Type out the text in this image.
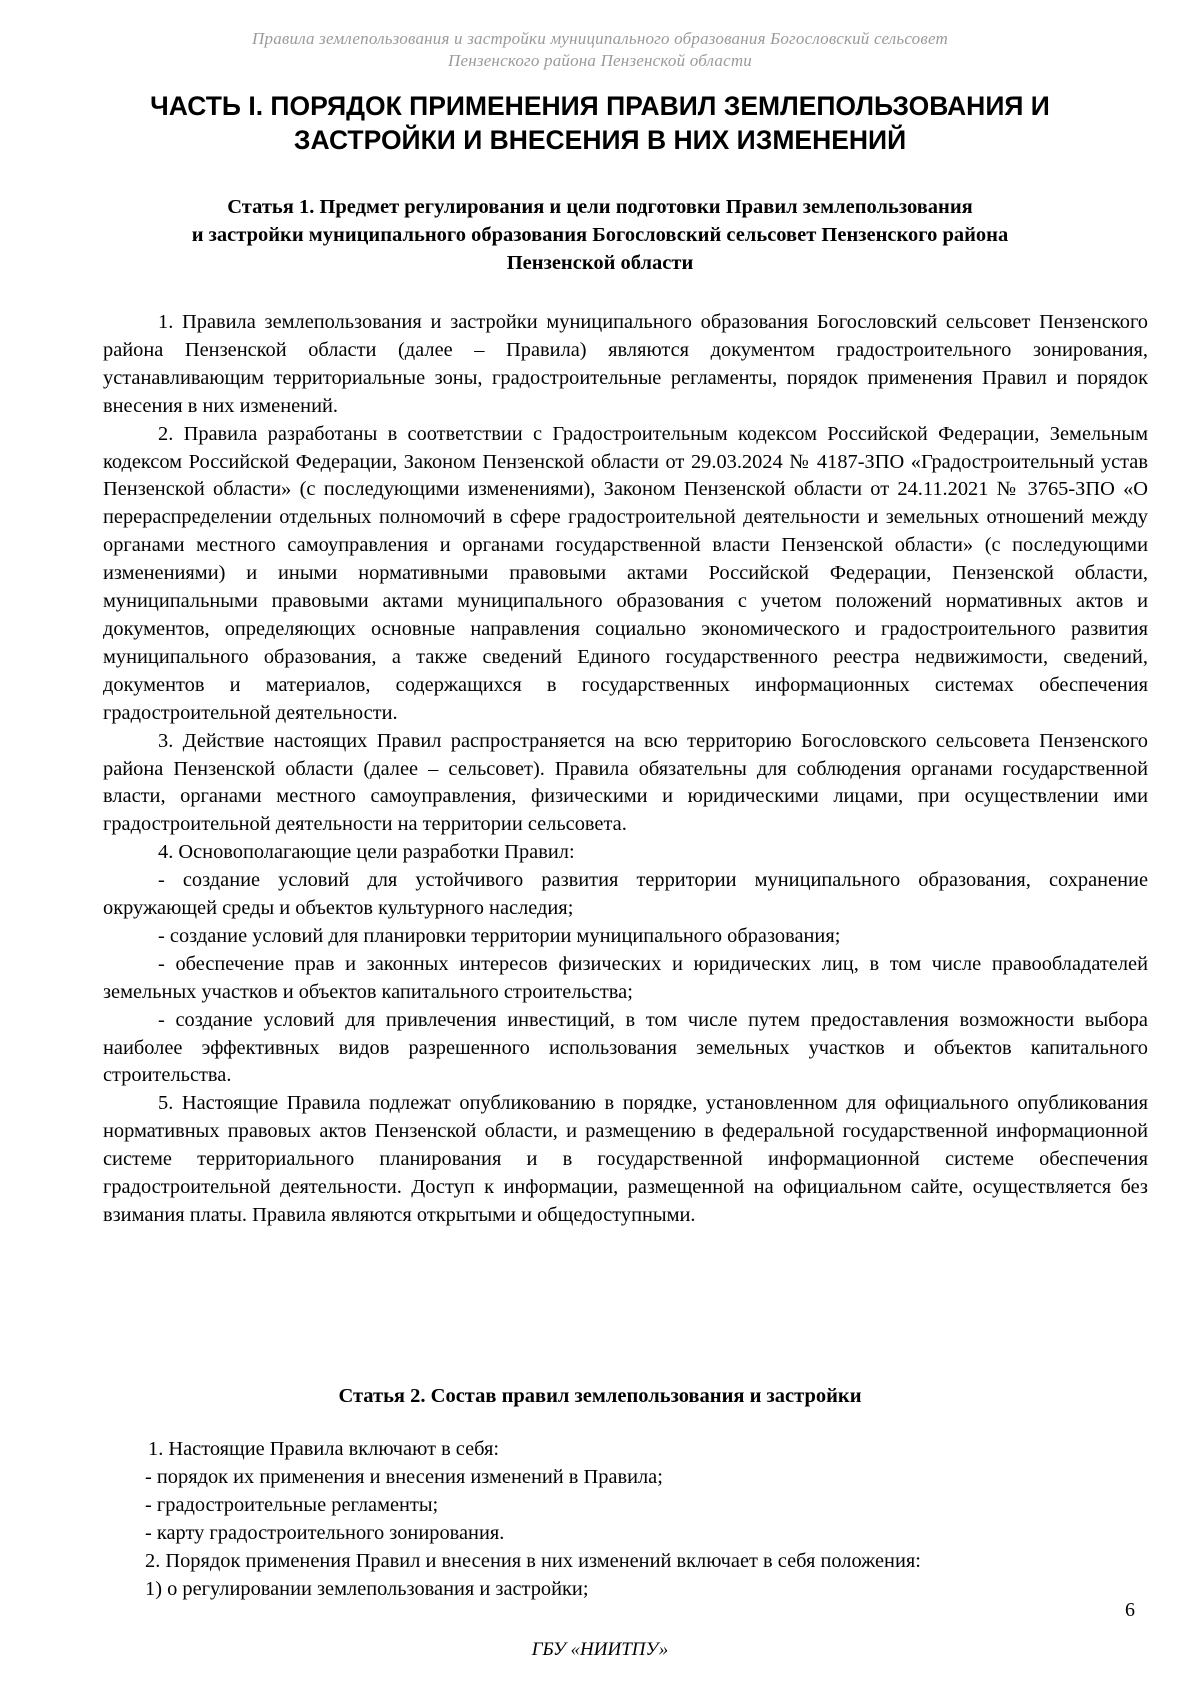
Правила землепользования и застройки муниципального образования Богословский сельсовет
Пензенского района Пензенской области
ЧАСТЬ I. ПОРЯДОК ПРИМЕНЕНИЯ ПРАВИЛ ЗЕМЛЕПОЛЬЗОВАНИЯ И
ЗАСТРОЙКИ И ВНЕСЕНИЯ В НИХ ИЗМЕНЕНИЙ
Статья 1. Предмет регулирования и цели подготовки Правил землепользования
и застройки муниципального образования Богословский сельсовет Пензенского района
Пензенской области

1. Правила землепользования и застройки муниципального образования Богословский сельсовет Пензенского района Пензенской области (далее – Правила) являются документом градостроительного зонирования, устанавливающим территориальные зоны, градостроительные регламенты, порядок применения Правил и порядок внесения в них изменений.

2. Правила разработаны в соответствии с Градостроительным кодексом Российской Федерации, Земельным кодексом Российской Федерации, Законом Пензенской области от 29.03.2024 № 4187-ЗПО «Градостроительный устав Пензенской области» (с последующими изменениями), Законом Пензенской области от 24.11.2021 № 3765-ЗПО «О перераспределении отдельных полномочий в сфере градостроительной деятельности и земельных отношений между органами местного самоуправления и органами государственной власти Пензенской области» (с последующими изменениями) и иными нормативными правовыми актами Российской Федерации, Пензенской области, муниципальными правовыми актами муниципального образования с учетом положений нормативных актов и документов, определяющих основные направления социально экономического и градостроительного развития муниципального образования, а также сведений Единого государственного реестра недвижимости, сведений, документов и материалов, содержащихся в государственных информационных системах обеспечения градостроительной деятельности.

3. Действие настоящих Правил распространяется на всю территорию Богословского сельсовета Пензенского района Пензенской области (далее – сельсовет). Правила обязательны для соблюдения органами государственной власти, органами местного самоуправления, физическими и юридическими лицами, при осуществлении ими градостроительной деятельности на территории сельсовета.

4. Основополагающие цели разработки Правил:

- создание условий для устойчивого развития территории муниципального образования, сохранение окружающей среды и объектов культурного наследия;

- создание условий для планировки территории муниципального образования;

- обеспечение прав и законных интересов физических и юридических лиц, в том числе правообладателей земельных участков и объектов капитального строительства;

- создание условий для привлечения инвестиций, в том числе путем предоставления возможности выбора наиболее эффективных видов разрешенного использования земельных участков и объектов капитального строительства.

5. Настоящие Правила подлежат опубликованию в порядке, установленном для официального опубликования нормативных правовых актов Пензенской области, и размещению в федеральной государственной информационной системе территориального планирования и в государственной информационной системе обеспечения градостроительной деятельности. Доступ к информации, размещенной на официальном сайте, осуществляется без взимания платы. Правила являются открытыми и общедоступными.

Статья 2. Состав правил землепользования и застройки

1. Настоящие Правила включают в себя:

- порядок их применения и внесения изменений в Правила;

- градостроительные регламенты;

- карту градостроительного зонирования.

2. Порядок применения Правил и внесения в них изменений включает в себя положения:

1) о регулировании землепользования и застройки;

6
ГБУ «НИИТПУ»
